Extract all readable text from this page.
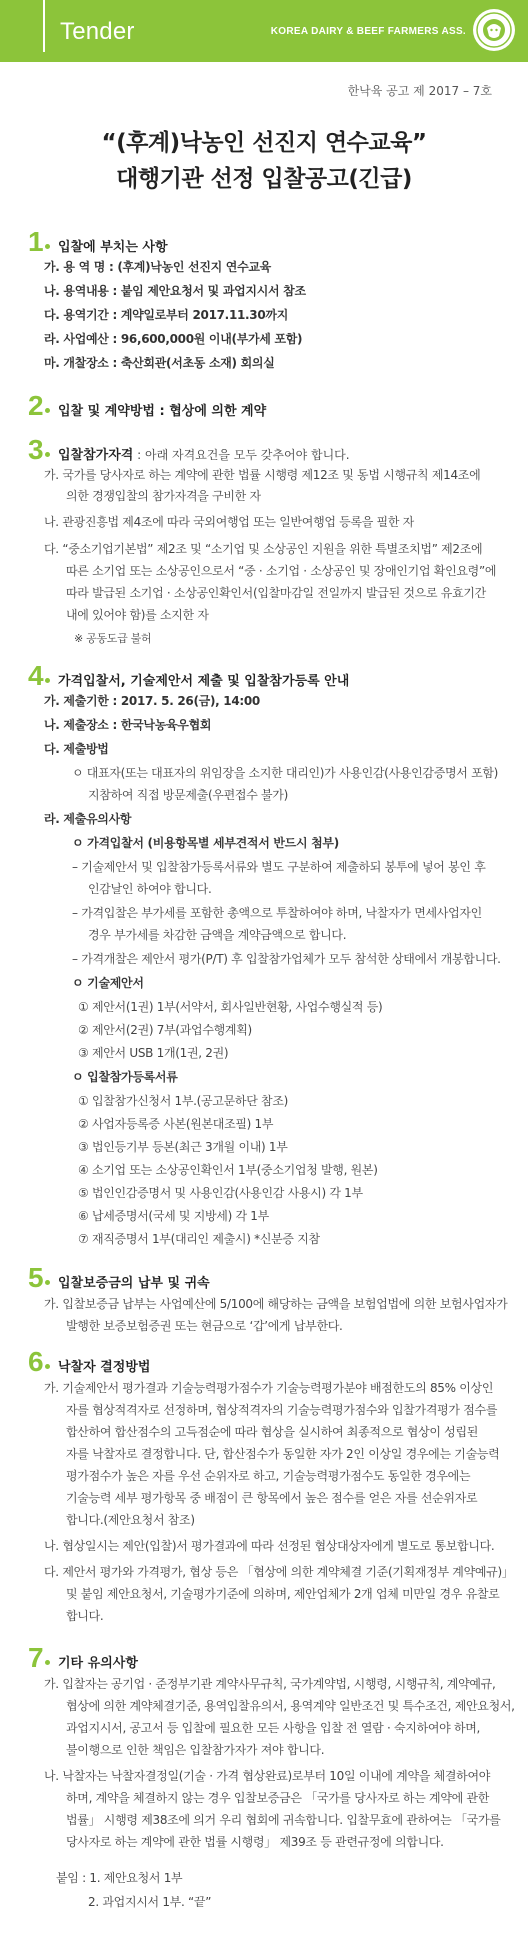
Tender	KOREA DAIRY & BEEF FARMERS ASS.
한낙육 공고 제 2017 – 7호
“(후계)낙농인 선진지 연수교육”
대행기관 선정 입찰공고(긴급)
1 입찰에 부치는 사항
가. 용 역 명 : (후계)낙농인 선진지 연수교육
나. 용역내용 : 붙임 제안요청서 및 과업지시서 참조
다. 용역기간 : 계약일로부터 2017.11.30까지
라. 사업예산 : 96,600,000원 이내(부가세 포함)
마. 개찰장소 : 축산회관(서초동 소재) 회의실
2 입찰 및 계약방법 : 협상에 의한 계약
3 입찰참가자격 : 아래 자격요건을 모두 갖추어야 합니다.
가. 국가를 당사자로 하는 계약에 관한 법률 시행령 제12조 및 동법 시행규칙 제14조에
의한 경쟁입찰의 참가자격을 구비한 자
나. 관광진흥법 제4조에 따라 국외여행업 또는 일반여행업 등록을 필한 자
다. “중소기업기본법” 제2조 및 “소기업 및 소상공인 지원을 위한 특별조치법” 제2조에
따른 소기업 또는 소상공인으로서 “중 · 소기업 · 소상공인 및 장애인기업 확인요령”에
따라 발급된 소기업 · 소상공인확인서(입찰마감일 전일까지 발급된 것으로 유효기간
내에 있어야 함)를 소지한 자
※ 공동도급 불허
4 가격입찰서, 기술제안서 제출 및 입찰참가등록 안내
가. 제출기한 : 2017. 5. 26(금), 14:00
나. 제출장소 : 한국낙농육우협회
다. 제출방법
ㅇ 대표자(또는 대표자의 위임장을 소지한 대리인)가 사용인감(사용인감증명서 포함)
지참하여 직접 방문제출(우편접수 불가)
라. 제출유의사항
ㅇ 가격입찰서 (비용항목별 세부견적서 반드시 첨부)
– 기술제안서 및 입찰참가등록서류와 별도 구분하여 제출하되 봉투에 넣어 봉인 후
인감날인 하여야 합니다.
– 가격입찰은 부가세를 포함한 총액으로 투찰하여야 하며, 낙찰자가 면세사업자인
경우 부가세를 차감한 금액을 계약금액으로 합니다.
– 가격개찰은 제안서 평가(P/T) 후 입찰참가업체가 모두 참석한 상태에서 개봉합니다.
ㅇ 기술제안서
① 제안서(1권) 1부(서약서, 회사일반현황, 사업수행실적 등)
② 제안서(2권) 7부(과업수행계획)
③ 제안서 USB 1개(1권, 2권)
ㅇ 입찰참가등록서류
① 입찰참가신청서 1부.(공고문하단 참조)
② 사업자등록증 사본(원본대조필) 1부
③ 법인등기부 등본(최근 3개월 이내) 1부
④ 소기업 또는 소상공인확인서 1부(중소기업청 발행, 원본)
⑤ 법인인감증명서 및 사용인감(사용인감 사용시) 각 1부
⑥ 납세증명서(국세 및 지방세) 각 1부
⑦ 재직증명서 1부(대리인 제출시) *신분증 지참
5 입찰보증금의 납부 및 귀속
가. 입찰보증금 납부는 사업예산에 5/100에 해당하는 금액을 보험업법에 의한 보험사업자가
발행한 보증보험증권 또는 현금으로 ‘갑’에게 납부한다.
6 낙찰자 결정방법
가. 기술제안서 평가결과 기술능력평가점수가 기술능력평가분야 배점한도의 85% 이상인
자를 협상적격자로 선정하며, 협상적격자의 기술능력평가점수와 입찰가격평가 점수를
합산하여 합산점수의 고득점순에 따라 협상을 실시하여 최종적으로 협상이 성립된
자를 낙찰자로 결정합니다. 단, 합산점수가 동일한 자가 2인 이상일 경우에는 기술능력
평가점수가 높은 자를 우선 순위자로 하고, 기술능력평가점수도 동일한 경우에는
기술능력 세부 평가항목 중 배점이 큰 항목에서 높은 점수를 얻은 자를 선순위자로
합니다.(제안요청서 참조)
나. 협상일시는 제안(입찰)서 평가결과에 따라 선정된 협상대상자에게 별도로 통보합니다.
다. 제안서 평가와 가격평가, 협상 등은 「협상에 의한 계약체결 기준(기획재정부 계약예규)」
및 붙임 제안요청서, 기술평가기준에 의하며, 제안업체가 2개 업체 미만일 경우 유찰로
합니다.
7 기타 유의사항
가. 입찰자는 공기업 · 준정부기관 계약사무규칙, 국가계약법, 시행령, 시행규칙, 계약예규,
협상에 의한 계약체결기준, 용역입찰유의서, 용역계약 일반조건 및 특수조건, 제안요청서,
과업지시서, 공고서 등 입찰에 필요한 모든 사항을 입찰 전 열람 · 숙지하여야 하며,
불이행으로 인한 책임은 입찰참가자가 져야 합니다.
나. 낙찰자는 낙찰자결정일(기술 · 가격 협상완료)로부터 10일 이내에 계약을 체결하여야
하며, 계약을 체결하지 않는 경우 입찰보증금은 「국가를 당사자로 하는 계약에 관한
법률」 시행령 제38조에 의거 우리 협회에 귀속합니다. 입찰무효에 관하여는 「국가를
당사자로 하는 계약에 관한 법률 시행령」 제39조 등 관련규정에 의합니다.
붙임 : 1. 제안요청서 1부
2. 과업지시서 1부. “끝”
